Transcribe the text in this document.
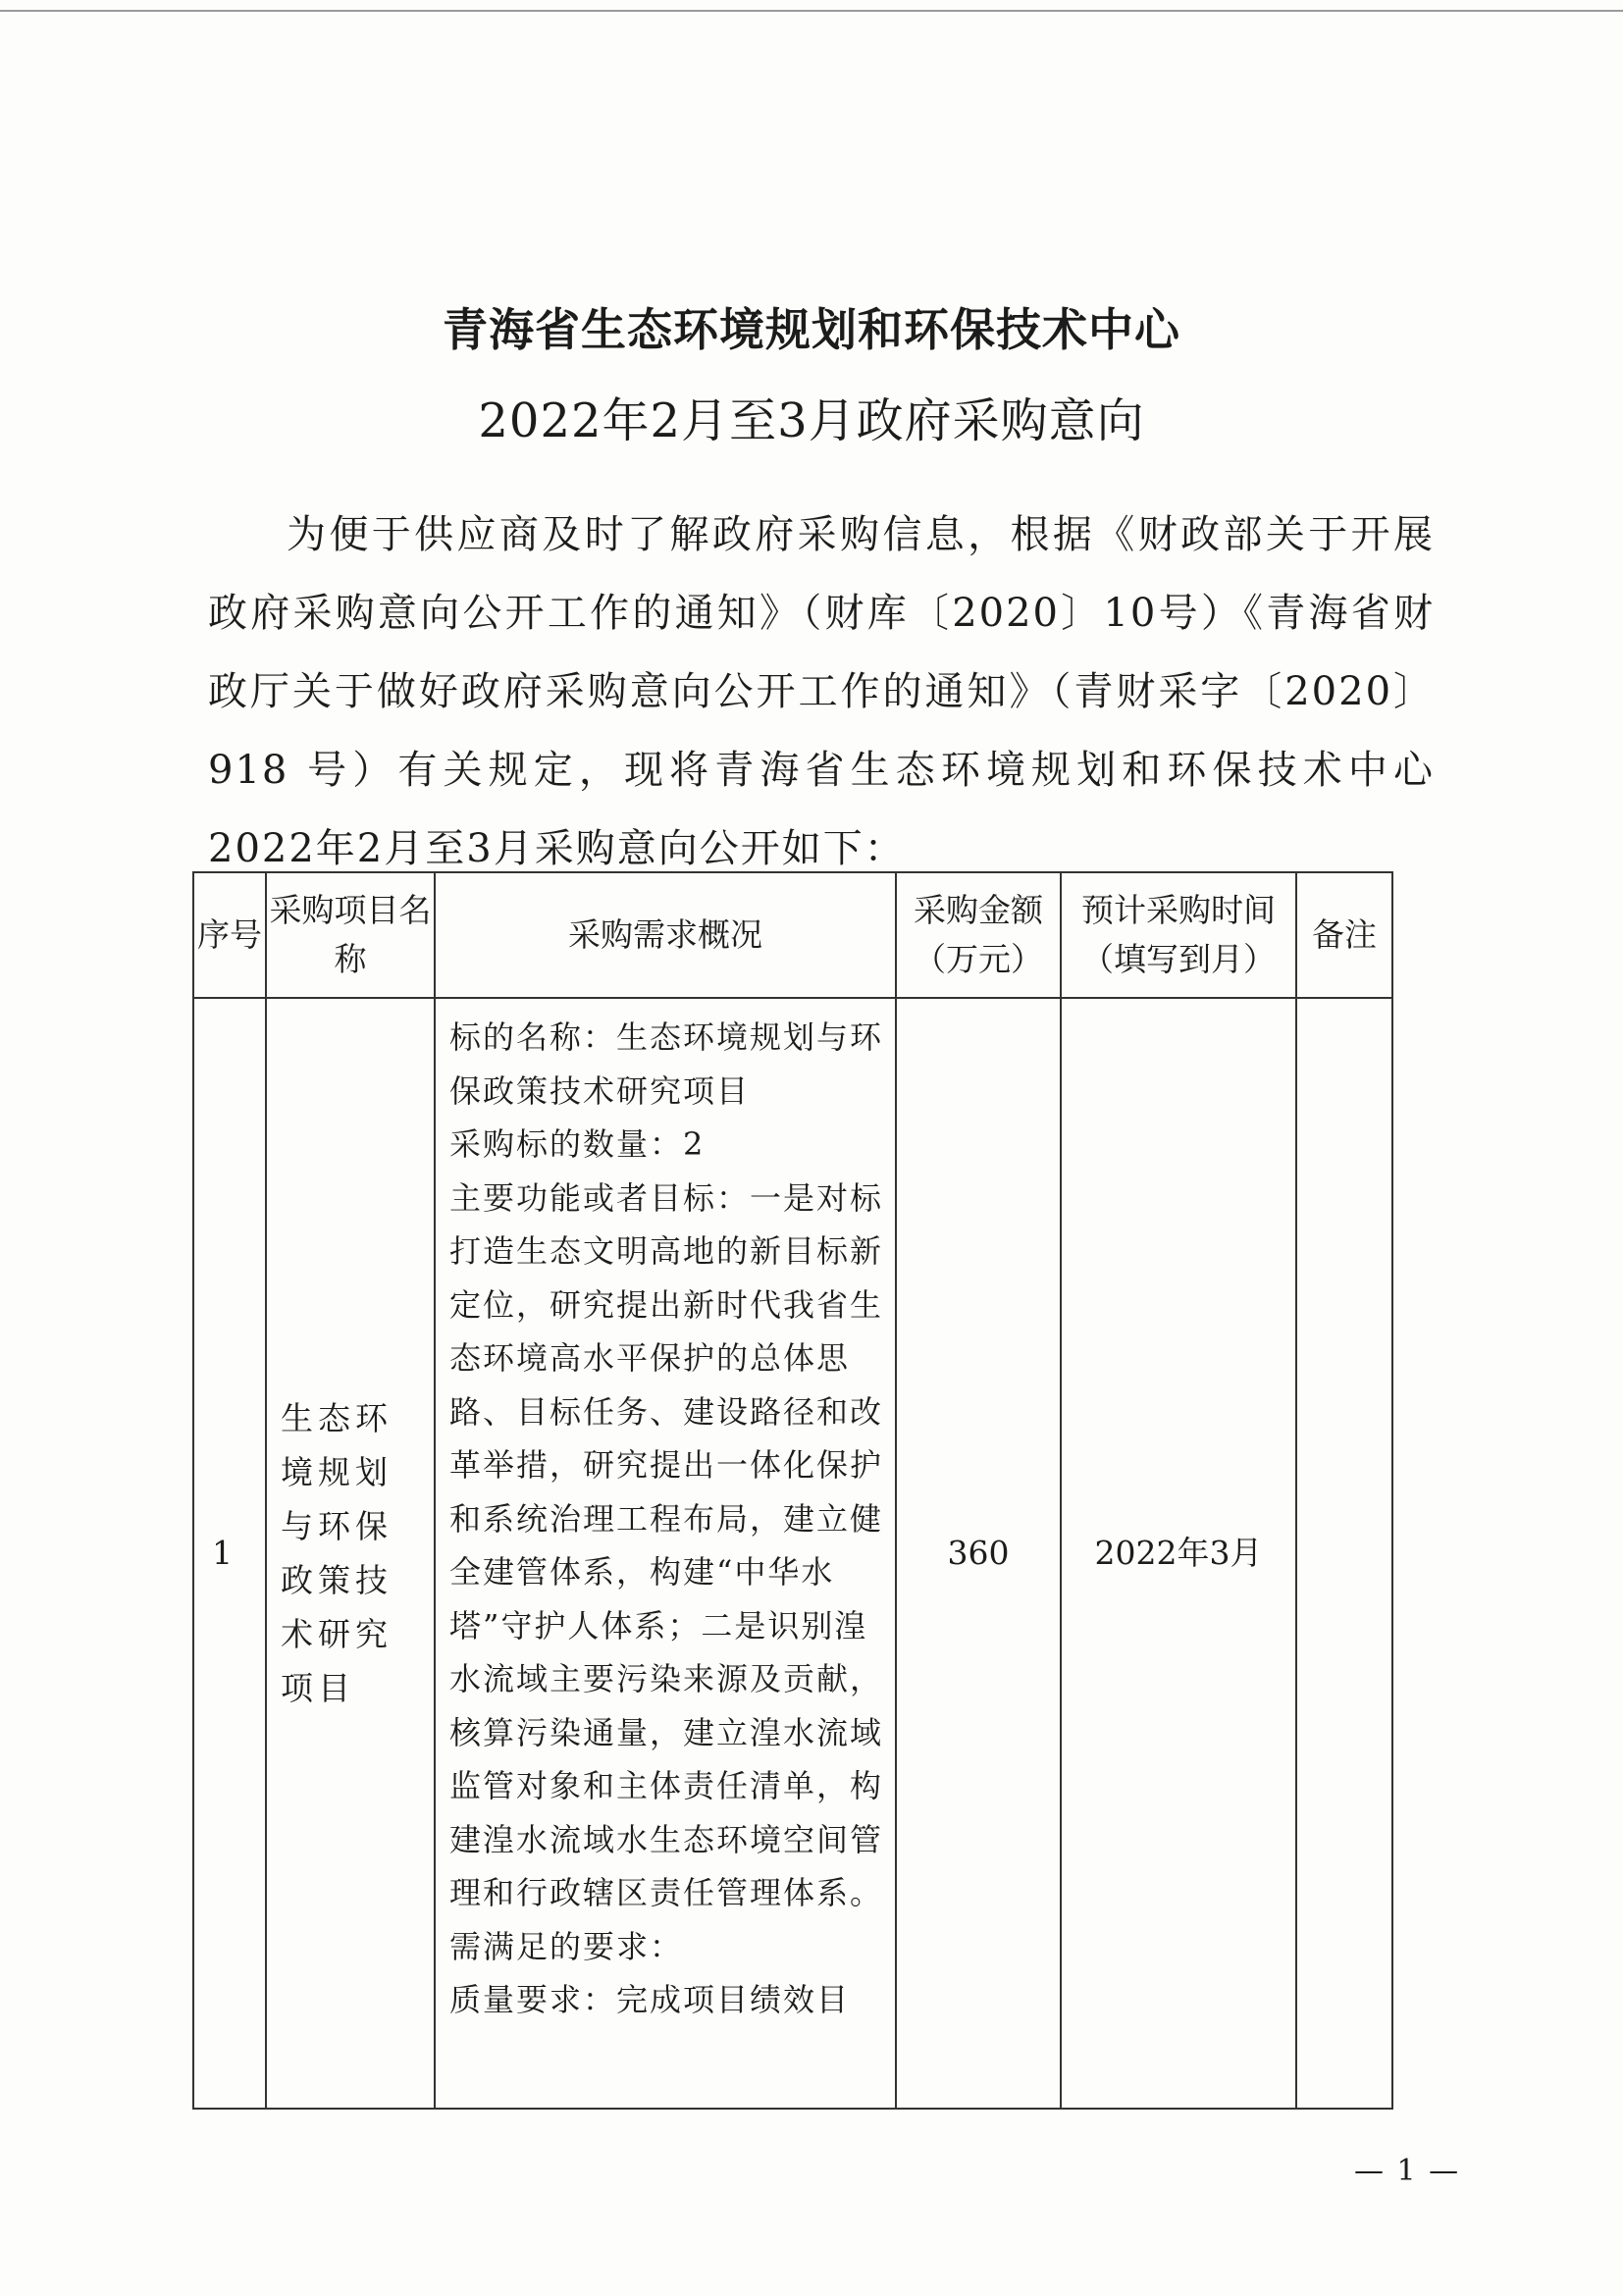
青海省生态环境规划和环保技术中心
2022年2月至3月政府采购意向
为便于供应商及时了解政府采购信息，根据《财政部关于开展政府采购意向公开工作的通知》（财库〔2020〕10号）《青海省财政厅关于做好政府采购意向公开工作的通知》（青财采字〔2020〕918 号）有关规定，现将青海省生态环境规划和环保技术中心2022年2月至3月采购意向公开如下：
序号	采购项目名称	采购需求概况	采购金额（万元）	预计采购时间（填写到月）	备注
1	生态环境规划与环保政策技术研究项目	标的名称：生态环境规划与环保政策技术研究项目
采购标的数量：2
主要功能或者目标：一是对标打造生态文明高地的新目标新定位，研究提出新时代我省生态环境高水平保护的总体思路、目标任务、建设路径和改革举措，研究提出一体化保护和系统治理工程布局，建立健全建管体系，构建“中华水塔”守护人体系；二是识别湟水流域主要污染来源及贡献，核算污染通量，建立湟水流域监管对象和主体责任清单，构建湟水流域水生态环境空间管理和行政辖区责任管理体系。
需满足的要求：
质量要求：完成项目绩效目	360	2022年3月	
— 1 —
